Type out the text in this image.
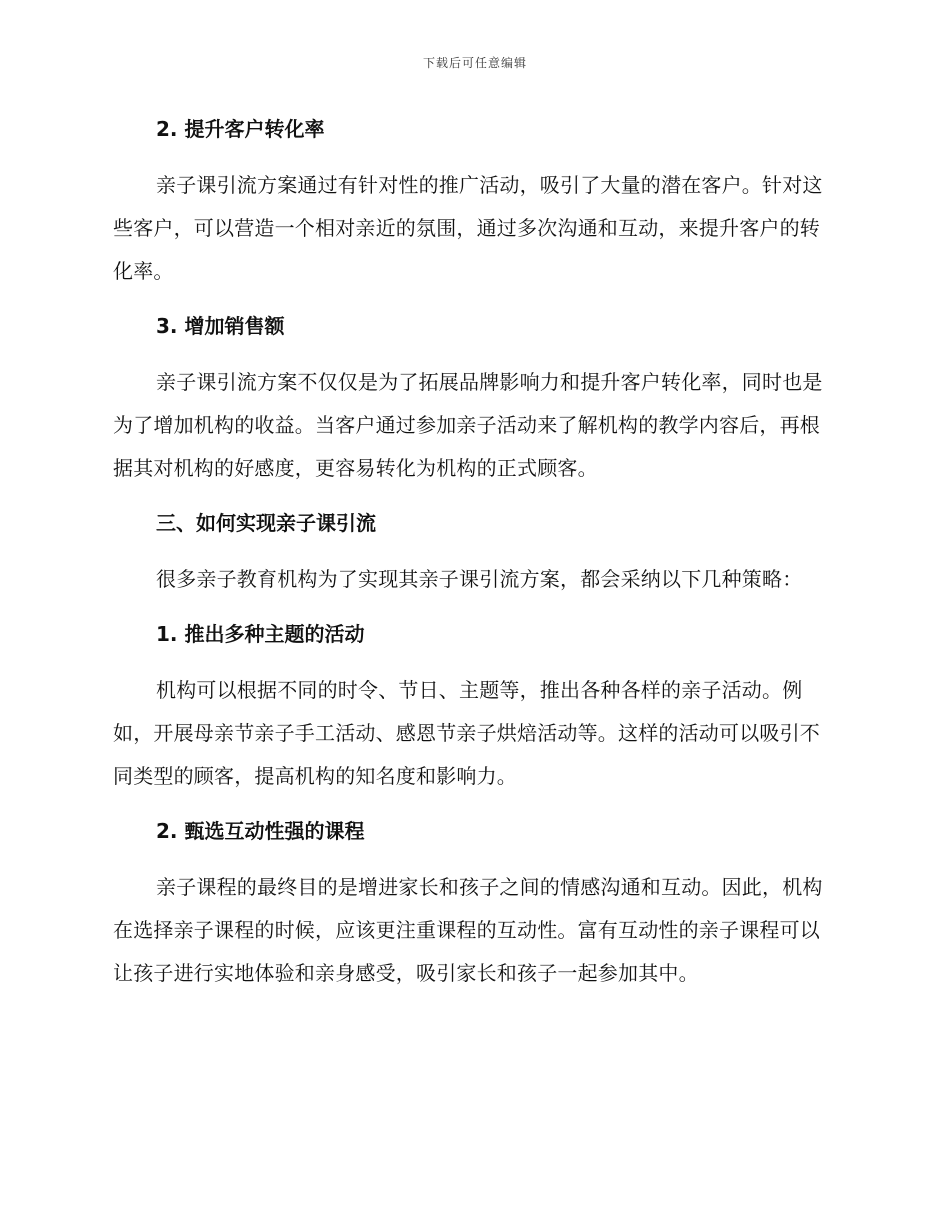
下载后可任意编辑
2. 提升客户转化率

亲子课引流方案通过有针对性的推广活动，吸引了大量的潜在客户。针对这些客户，可以营造一个相对亲近的氛围，通过多次沟通和互动，来提升客户的转化率。

3. 增加销售额

亲子课引流方案不仅仅是为了拓展品牌影响力和提升客户转化率，同时也是为了增加机构的收益。当客户通过参加亲子活动来了解机构的教学内容后，再根据其对机构的好感度，更容易转化为机构的正式顾客。

三、如何实现亲子课引流

很多亲子教育机构为了实现其亲子课引流方案，都会采纳以下几种策略：

1. 推出多种主题的活动

机构可以根据不同的时令、节日、主题等，推出各种各样的亲子活动。例如，开展母亲节亲子手工活动、感恩节亲子烘焙活动等。这样的活动可以吸引不同类型的顾客，提高机构的知名度和影响力。

2. 甄选互动性强的课程

亲子课程的最终目的是增进家长和孩子之间的情感沟通和互动。因此，机构在选择亲子课程的时候，应该更注重课程的互动性。富有互动性的亲子课程可以让孩子进行实地体验和亲身感受，吸引家长和孩子一起参加其中。
